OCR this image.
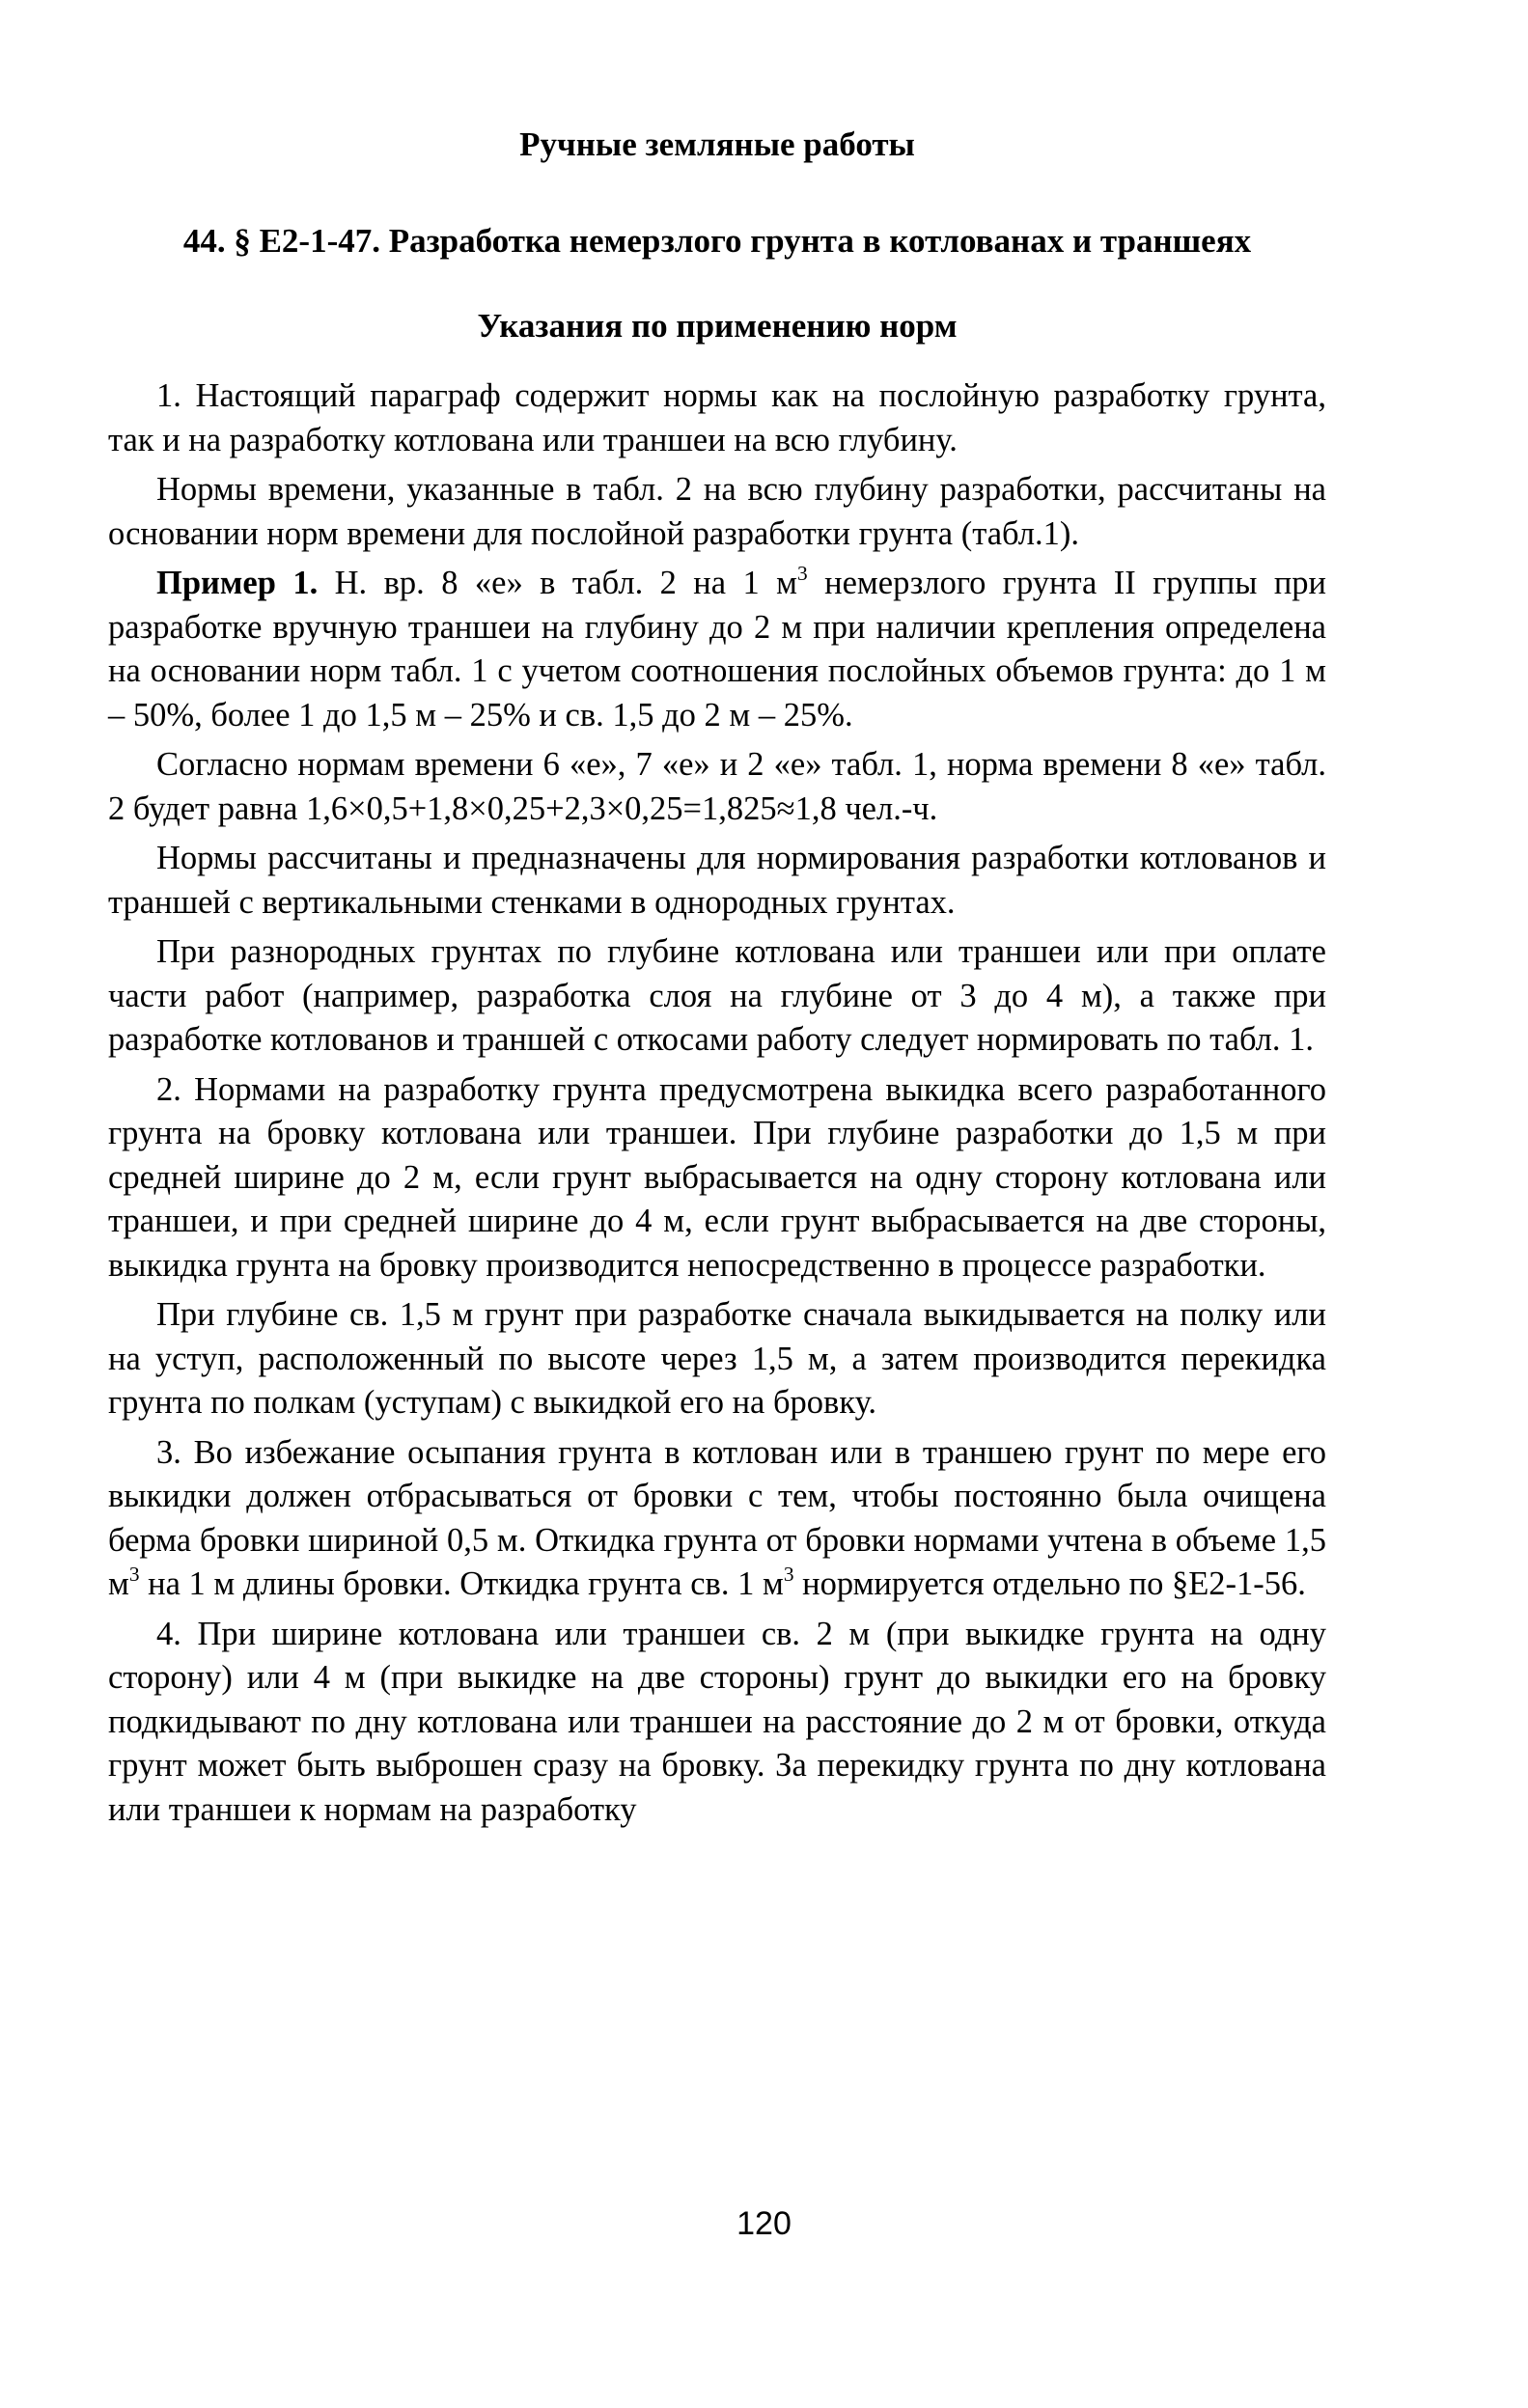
Ручные земляные работы
44. § Е2-1-47. Разработка немерзлого грунта в котлованах и траншеях
Указания по применению норм

1. Настоящий параграф содержит нормы как на послойную разработку грунта, так и на разработку котлована или траншеи на всю глубину.

Нормы времени, указанные в табл. 2 на всю глубину разработки, рассчитаны на основании норм времени для послойной разработки грунта (табл.1).

Пример 1. Н. вр. 8 «е» в табл. 2 на 1 $м^3$ немерзлого грунта II группы при разработке вручную траншеи на глубину до 2 м при наличии крепления определена на основании норм табл. 1 с учетом соотношения послойных объемов грунта: до 1 м – 50%, более 1 до 1,5 м – 25% и св. 1,5 до 2 м – 25%.

Согласно нормам времени 6 «е», 7 «е» и 2 «е» табл. 1, норма времени 8 «е» табл. 2 будет равна 1,6×0,5+1,8×0,25+2,3×0,25=1,825≈1,8 чел.-ч.

Нормы рассчитаны и предназначены для нормирования разработки котлованов и траншей с вертикальными стенками в однородных грунтах.

При разнородных грунтах по глубине котлована или траншеи или при оплате части работ (например, разработка слоя на глубине от 3 до 4 м), а также при разработке котлованов и траншей с откосами работу следует нормировать по табл. 1.

2. Нормами на разработку грунта предусмотрена выкидка всего разработанного грунта на бровку котлована или траншеи. При глубине разработки до 1,5 м при средней ширине до 2 м, если грунт выбрасывается на одну сторону котлована или траншеи, и при средней ширине до 4 м, если грунт выбрасывается на две стороны, выкидка грунта на бровку производится непосредственно в процессе разработки.

При глубине св. 1,5 м грунт при разработке сначала выкидывается на полку или на уступ, расположенный по высоте через 1,5 м, а затем производится перекидка грунта по полкам (уступам) с выкидкой его на бровку.

3. Во избежание осыпания грунта в котлован или в траншею грунт по мере его выкидки должен отбрасываться от бровки с тем, чтобы постоянно была очищена берма бровки шириной 0,5 м. Откидка грунта от бровки нормами учтена в объеме 1,5 $м^3$ на 1 м длины бровки. Откидка грунта св. 1 $м^3$ нормируется отдельно по §Е2-1-56.

4. При ширине котлована или траншеи св. 2 м (при выкидке грунта на одну сторону) или 4 м (при выкидке на две стороны) грунт до выкидки его на бровку подкидывают по дну котлована или траншеи на расстояние до 2 м от бровки, откуда грунт может быть выброшен сразу на бровку. За перекидку грунта по дну котлована или траншеи к нормам на разработку

120
